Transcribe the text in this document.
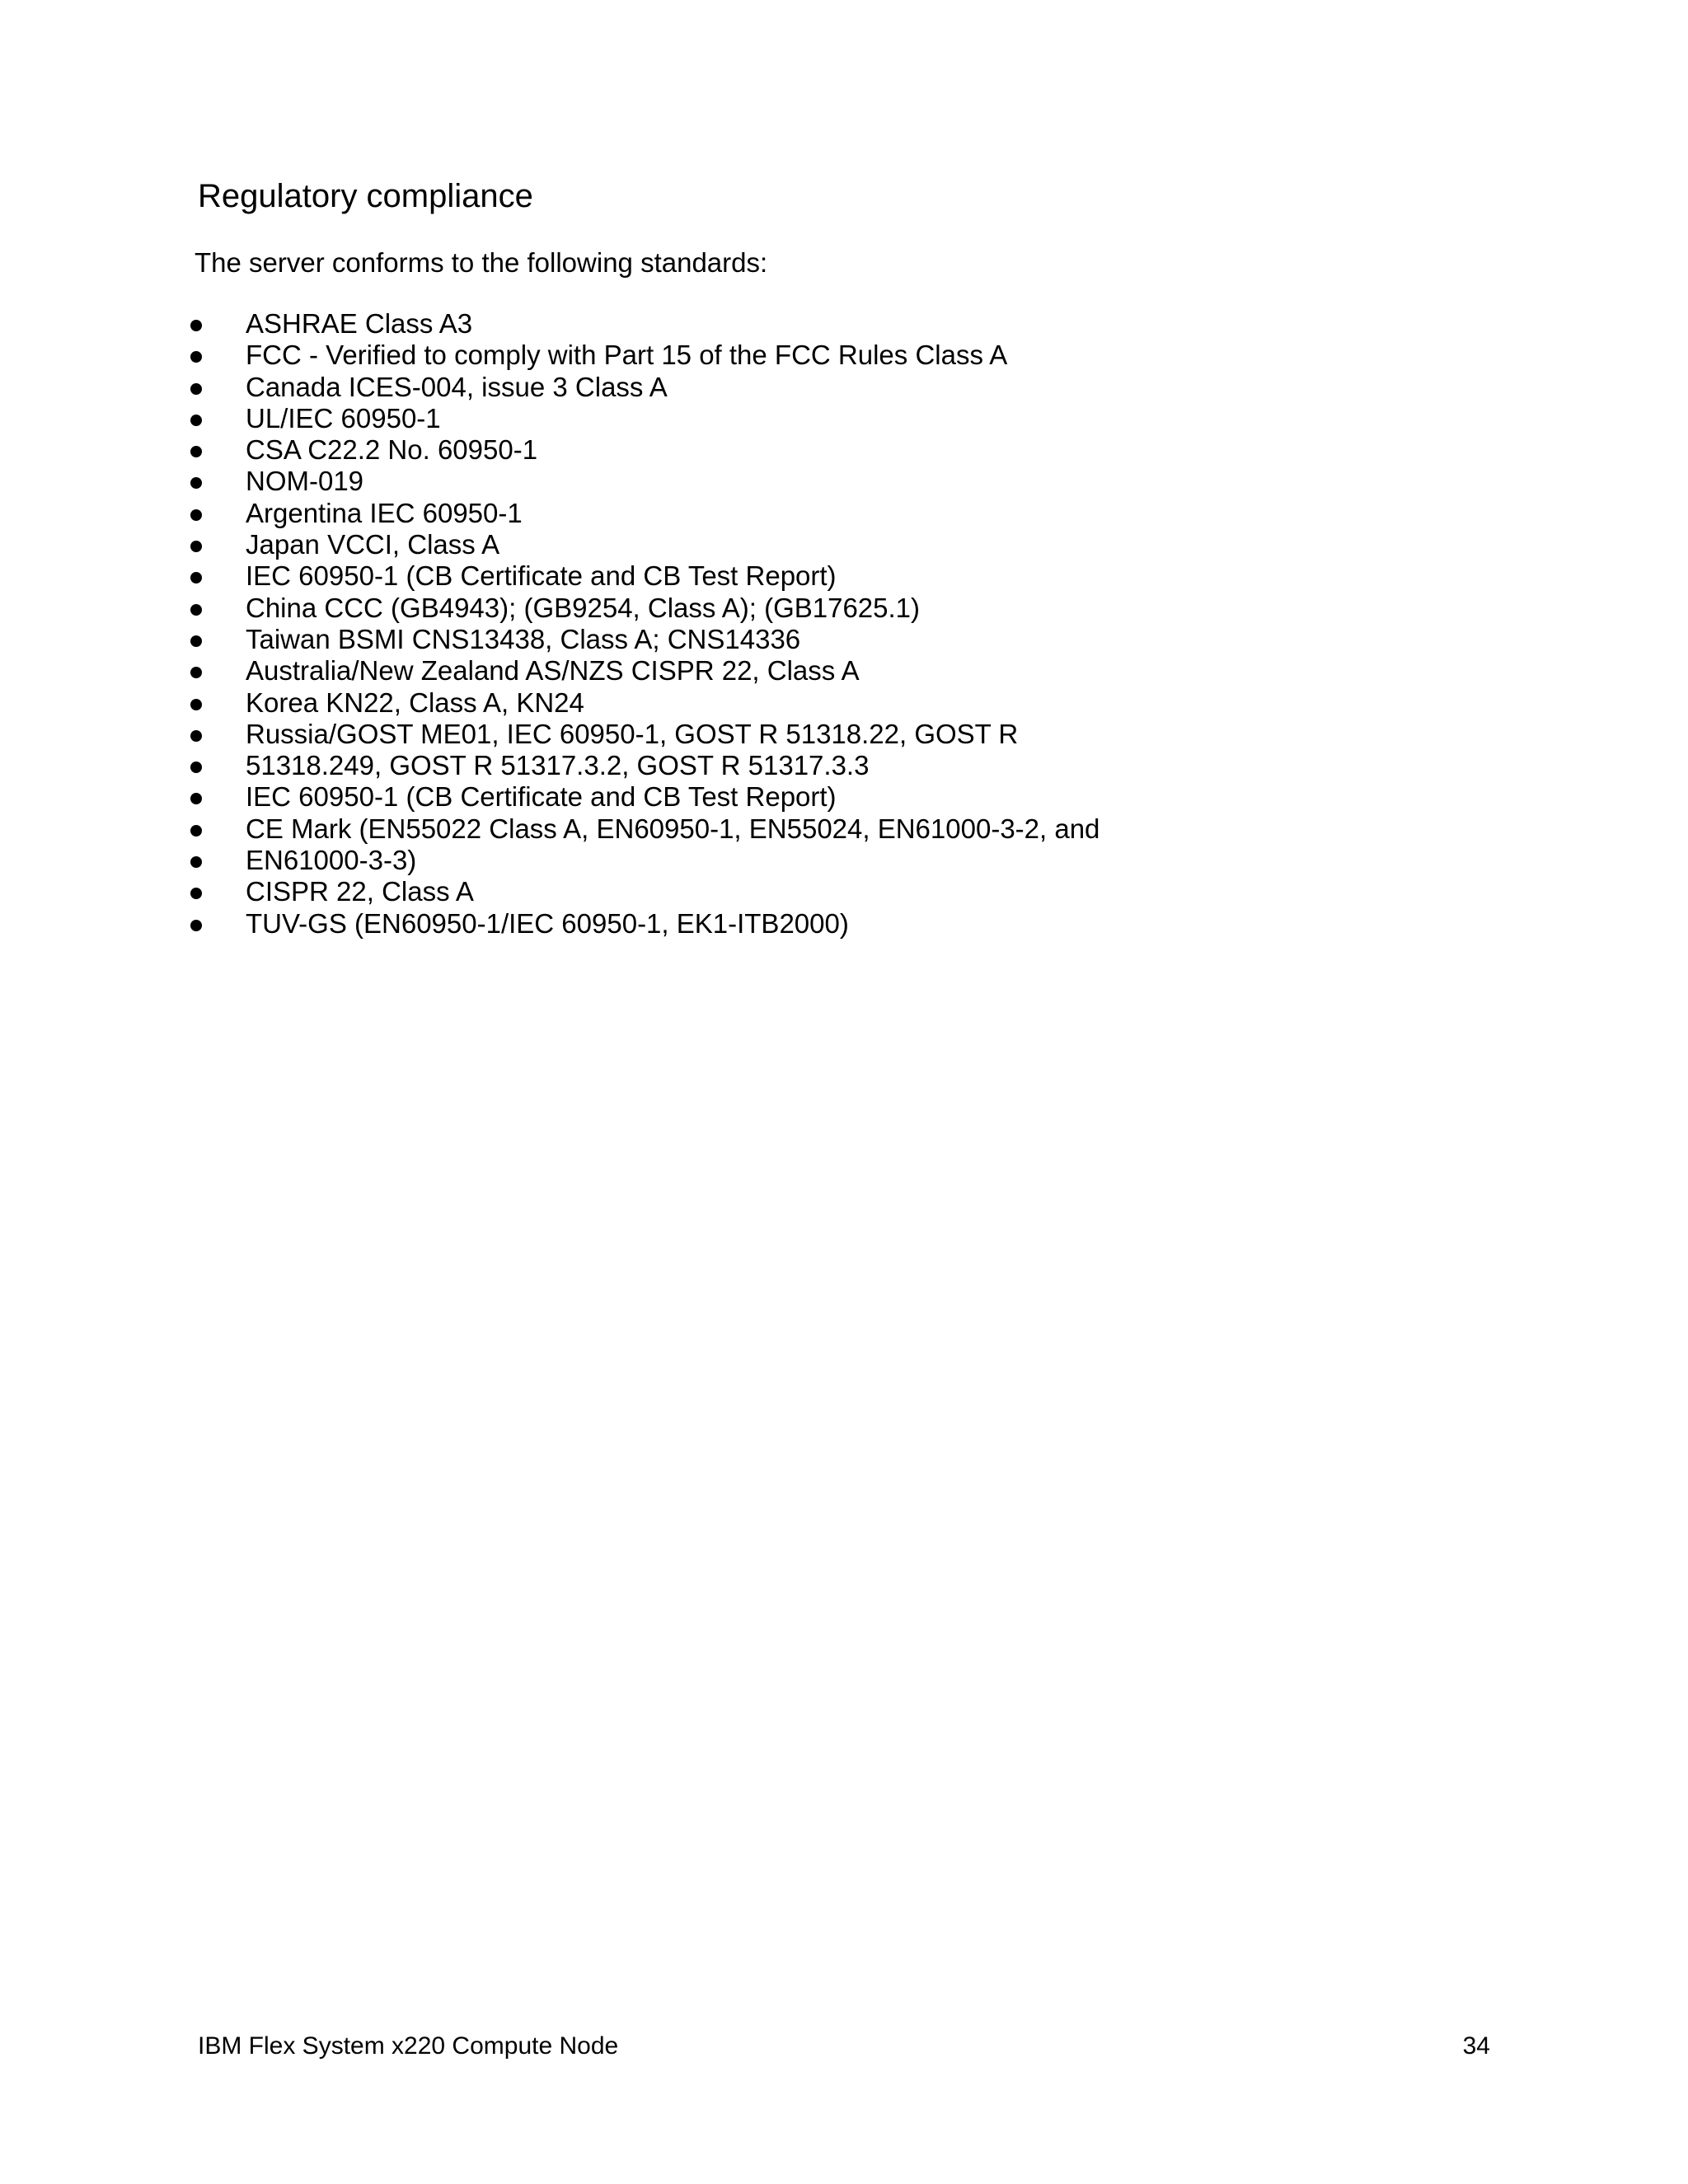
Regulatory compliance

The server conforms to the following standards:

ASHRAE Class A3
FCC - Verified to comply with Part 15 of the FCC Rules Class A
Canada ICES-004, issue 3 Class A
UL/IEC 60950-1
CSA C22.2 No. 60950-1
NOM-019
Argentina IEC 60950-1
Japan VCCI, Class A
IEC 60950-1 (CB Certificate and CB Test Report)
China CCC (GB4943); (GB9254, Class A); (GB17625.1)
Taiwan BSMI CNS13438, Class A; CNS14336
Australia/New Zealand AS/NZS CISPR 22, Class A
Korea KN22, Class A, KN24
Russia/GOST ME01, IEC 60950-1, GOST R 51318.22, GOST R
51318.249, GOST R 51317.3.2, GOST R 51317.3.3
IEC 60950-1 (CB Certificate and CB Test Report)
CE Mark (EN55022 Class A, EN60950-1, EN55024, EN61000-3-2, and
EN61000-3-3)
CISPR 22, Class A
TUV-GS (EN60950-1/IEC 60950-1, EK1-ITB2000)
IBM Flex System x220 Compute Node	34
